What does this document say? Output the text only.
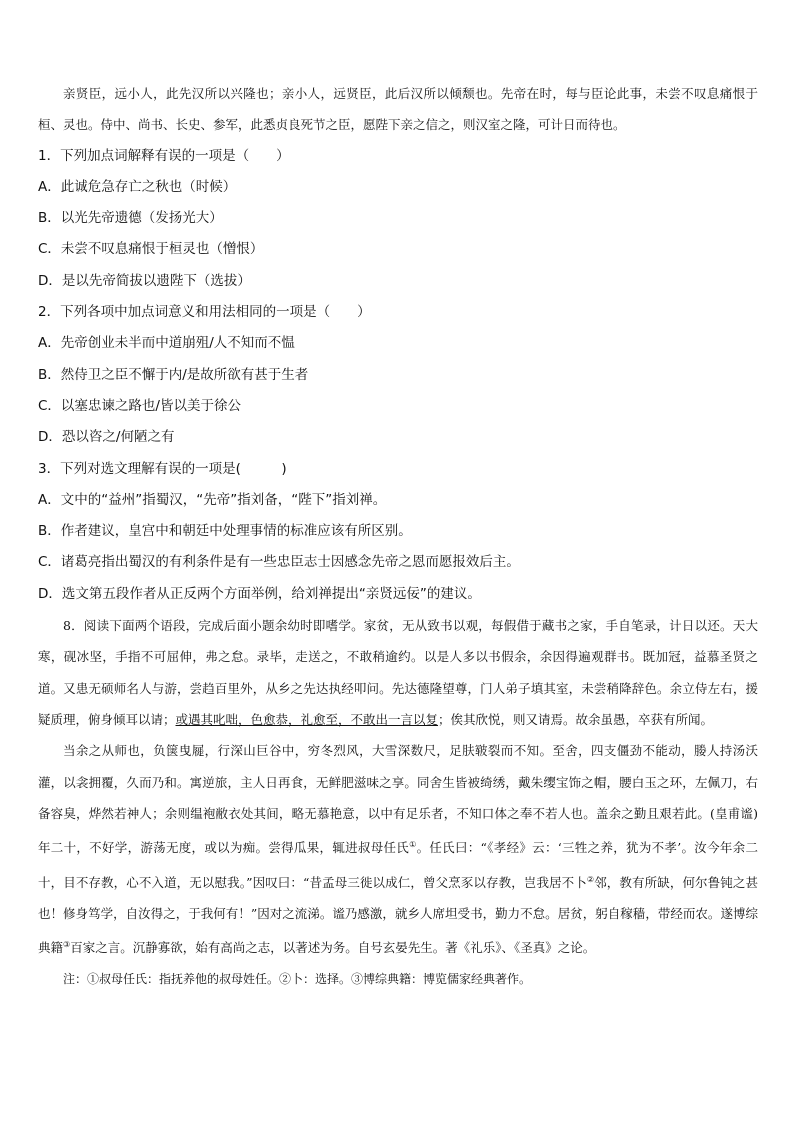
亲贤臣，远小人，此先汉所以兴隆也；亲小人，远贤臣，此后汉所以倾颓也。先帝在时，每与臣论此事，未尝不叹息痛恨于桓、灵也。侍中、尚书、长史、参军，此悉贞良死节之臣，愿陛下亲之信之，则汉室之隆，可计日而待也。

1．下列加点词解释有误的一项是（　　）

A．此诚危急存亡之秋也（时候）

B．以光先帝遗德（发扬光大）

C．未尝不叹息痛恨于桓灵也（憎恨）

D．是以先帝简拔以遗陛下（选拔）

2．下列各项中加点词意义和用法相同的一项是（　　）

A．先帝创业未半而中道崩殂/人不知而不愠

B．然侍卫之臣不懈于内/是故所欲有甚于生者

C．以塞忠谏之路也/皆以美于徐公

D．恐以咨之/何陋之有

3．下列对选文理解有误的一项是(　　　)

A．文中的“益州”指蜀汉，“先帝”指刘备，“陛下”指刘禅。

B．作者建议，皇宫中和朝廷中处理事情的标准应该有所区别。

C．诸葛亮指出蜀汉的有利条件是有一些忠臣志士因感念先帝之恩而愿报效后主。

D．选文第五段作者从正反两个方面举例，给刘禅提出“亲贤远佞”的建议。

8．阅读下面两个语段，完成后面小题余幼时即嗜学。家贫，无从致书以观，每假借于藏书之家，手自笔录，计日以还。天大寒，砚冰坚，手指不可屈伸，弗之怠。录毕，走送之，不敢稍逾约。以是人多以书假余，余因得遍观群书。既加冠，益慕圣贤之道。又患无硕师名人与游，尝趋百里外，从乡之先达执经叩问。先达德隆望尊，门人弟子填其室，未尝稍降辞色。余立侍左右，援疑质理，俯身倾耳以请；或遇其叱咄，色愈恭，礼愈至，不敢出一言以复；俟其欣悦，则又请焉。故余虽愚，卒获有所闻。

当余之从师也，负箧曳屣，行深山巨谷中，穷冬烈风，大雪深数尺，足肤皲裂而不知。至舍，四支僵劲不能动，媵人持汤沃灌，以衾拥覆，久而乃和。寓逆旅，主人日再食，无鲜肥滋味之享。同舍生皆被绮绣，戴朱缨宝饰之帽，腰白玉之环，左佩刀，右备容臭，烨然若神人；余则缊袍敝衣处其间，略无慕艳意，以中有足乐者，不知口体之奉不若人也。盖余之勤且艰若此。(皇甫谧)年二十，不好学，游荡无度，或以为痴。尝得瓜果，辄进叔母任氏①。任氏曰：“《孝经》云：‘三牲之养，犹为不孝’。汝今年余二十，目不存教，心不入道，无以慰我。”因叹曰：“昔孟母三徙以成仁，曾父烹豕以存教，岂我居不卜②邻，教有所缺，何尔鲁钝之甚也！修身笃学，自汝得之，于我何有！”因对之流涕。谧乃感激，就乡人席坦受书，勤力不怠。居贫，躬自稼穑，带经而农。遂博综典籍③百家之言。沉静寡欲，始有高尚之志，以著述为务。自号玄晏先生。著《礼乐》、《圣真》之论。

注：①叔母任氏：指抚养他的叔母姓任。②卜：选择。③博综典籍：博览儒家经典著作。
